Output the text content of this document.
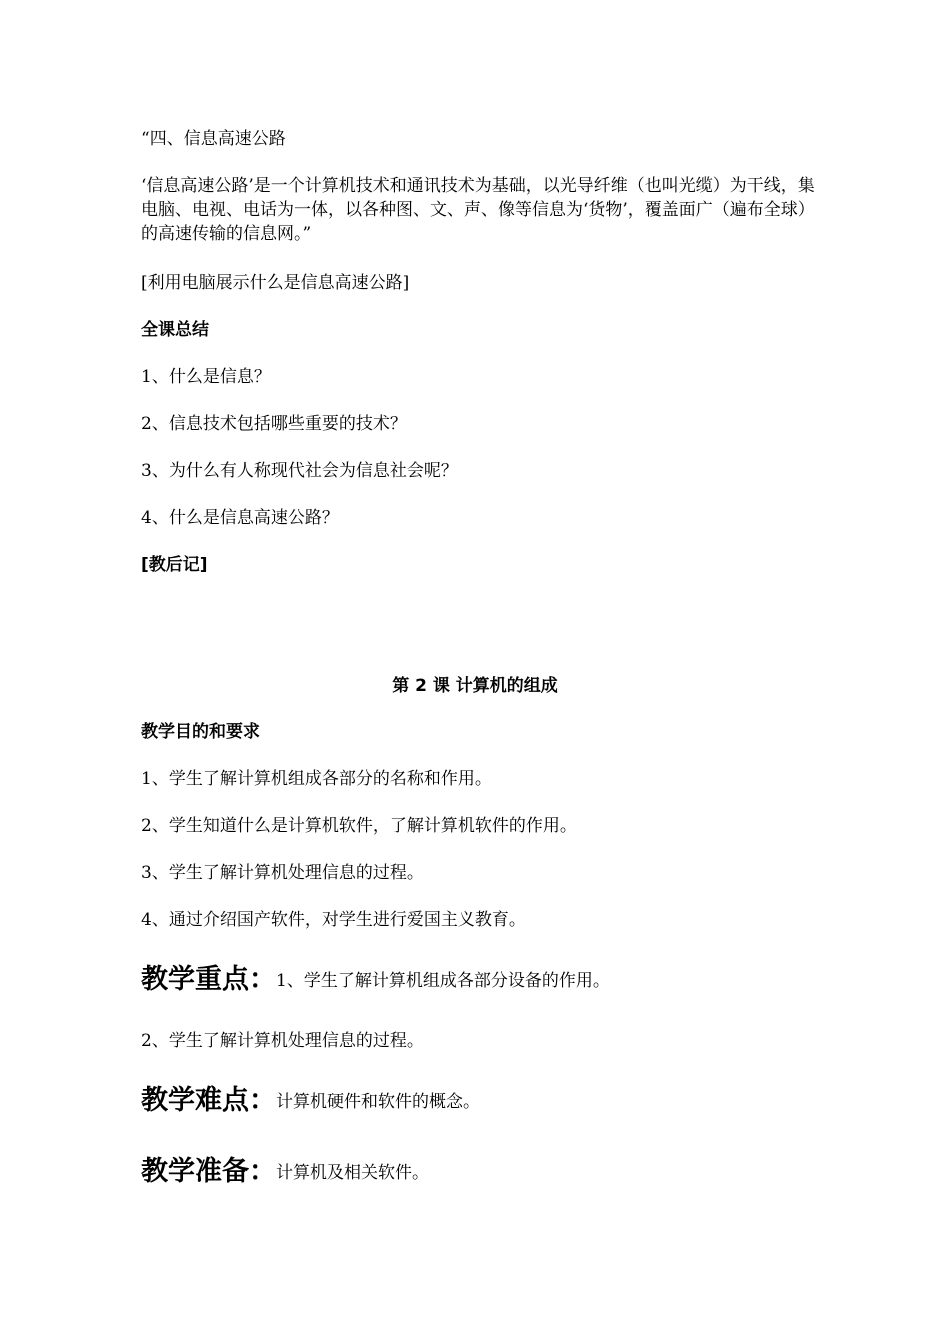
“四、信息高速公路
‘信息高速公路’是一个计算机技术和通讯技术为基础，以光导纤维（也叫光缆）为干线，集电脑、电视、电话为一体，以各种图、文、声、像等信息为‘货物’，覆盖面广（遍布全球）的高速传输的信息网。”
[利用电脑展示什么是信息高速公路]
全课总结
1、什么是信息？
2、信息技术包括哪些重要的技术？
3、为什么有人称现代社会为信息社会呢？
4、什么是信息高速公路？
[教后记]
第 2 课 计算机的组成
教学目的和要求
1、学生了解计算机组成各部分的名称和作用。
2、学生知道什么是计算机软件，了解计算机软件的作用。
3、学生了解计算机处理信息的过程。
4、通过介绍国产软件，对学生进行爱国主义教育。
教学重点：1、学生了解计算机组成各部分设备的作用。
2、学生了解计算机处理信息的过程。
教学难点：计算机硬件和软件的概念。
教学准备：计算机及相关软件。
